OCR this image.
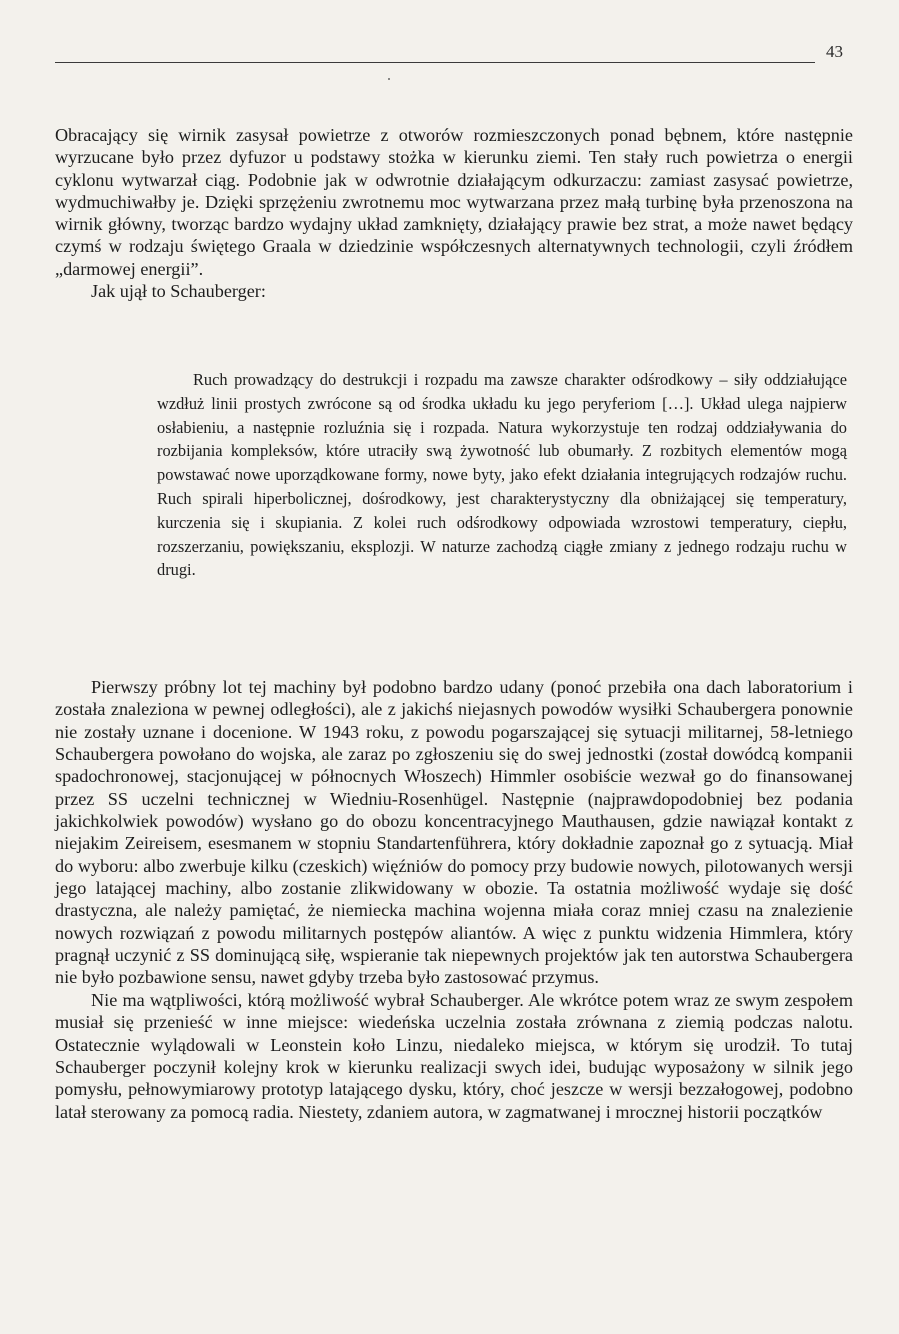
43

Obracający się wirnik zasysał powietrze z otworów rozmieszczonych ponad bębnem, które następnie wyrzucane było przez dyfuzor u podstawy stożka w kierunku ziemi. Ten stały ruch powietrza o energii cyklonu wytwarzał ciąg. Podobnie jak w odwrotnie działającym odkurzaczu: zamiast zasysać powietrze, wydmuchiwałby je. Dzięki sprzężeniu zwrotnemu moc wytwarzana przez małą turbinę była przenoszona na wirnik główny, tworząc bardzo wydajny układ zamknięty, działający prawie bez strat, a może nawet będący czymś w rodzaju świętego Graala w dziedzinie współczesnych alternatywnych technologii, czyli źródłem „darmowej energii”.

Jak ujął to Schauberger:

Ruch prowadzący do destrukcji i rozpadu ma zawsze charakter odśrodkowy – siły oddziałujące wzdłuż linii prostych zwrócone są od środka układu ku jego peryferiom […]. Układ ulega najpierw osłabieniu, a następnie rozluźnia się i rozpada. Natura wykorzystuje ten rodzaj oddziaływania do rozbijania kompleksów, które utraciły swą żywotność lub obumarły. Z rozbitych elementów mogą powstawać nowe uporządkowane formy, nowe byty, jako efekt działania integrujących rodzajów ruchu. Ruch spirali hiperbolicznej, dośrodkowy, jest charakterystyczny dla obniżającej się temperatury, kurczenia się i skupiania. Z kolei ruch odśrodkowy odpowiada wzrostowi temperatury, ciepłu, rozszerzaniu, powiększaniu, eksplozji. W naturze zachodzą ciągłe zmiany z jednego rodzaju ruchu w drugi.

Pierwszy próbny lot tej machiny był podobno bardzo udany (ponoć przebiła ona dach laboratorium i została znaleziona w pewnej odległości), ale z jakichś niejasnych powodów wysiłki Schaubergera ponownie nie zostały uznane i docenione. W 1943 roku, z powodu pogarszającej się sytuacji militarnej, 58-letniego Schaubergera powołano do wojska, ale zaraz po zgłoszeniu się do swej jednostki (został dowódcą kompanii spadochronowej, stacjonującej w północnych Włoszech) Himmler osobiście wezwał go do finansowanej przez SS uczelni technicznej w Wiedniu-Rosenhügel. Następnie (najprawdopodobniej bez podania jakichkolwiek powodów) wysłano go do obozu koncentracyjnego Mauthausen, gdzie nawiązał kontakt z niejakim Zeireisem, esesmanem w stopniu Standartenführera, który dokładnie zapoznał go z sytuacją. Miał do wyboru: albo zwerbuje kilku (czeskich) więźniów do pomocy przy budowie nowych, pilotowanych wersji jego latającej machiny, albo zostanie zlikwidowany w obozie. Ta ostatnia możliwość wydaje się dość drastyczna, ale należy pamiętać, że niemiecka machina wojenna miała coraz mniej czasu na znalezienie nowych rozwiązań z powodu militarnych postępów aliantów. A więc z punktu widzenia Himmlera, który pragnął uczynić z SS dominującą siłę, wspieranie tak niepewnych projektów jak ten autorstwa Schaubergera nie było pozbawione sensu, nawet gdyby trzeba było zastosować przymus.

Nie ma wątpliwości, którą możliwość wybrał Schauberger. Ale wkrótce potem wraz ze swym zespołem musiał się przenieść w inne miejsce: wiedeńska uczelnia została zrównana z ziemią podczas nalotu. Ostatecznie wylądowali w Leonstein koło Linzu, niedaleko miejsca, w którym się urodził. To tutaj Schauberger poczynił kolejny krok w kierunku realizacji swych idei, budując wyposażony w silnik jego pomysłu, pełnowymiarowy prototyp latającego dysku, który, choć jeszcze w wersji bezzałogowej, podobno latał sterowany za pomocą radia. Niestety, zdaniem autora, w zagmatwanej i mrocznej historii początków
